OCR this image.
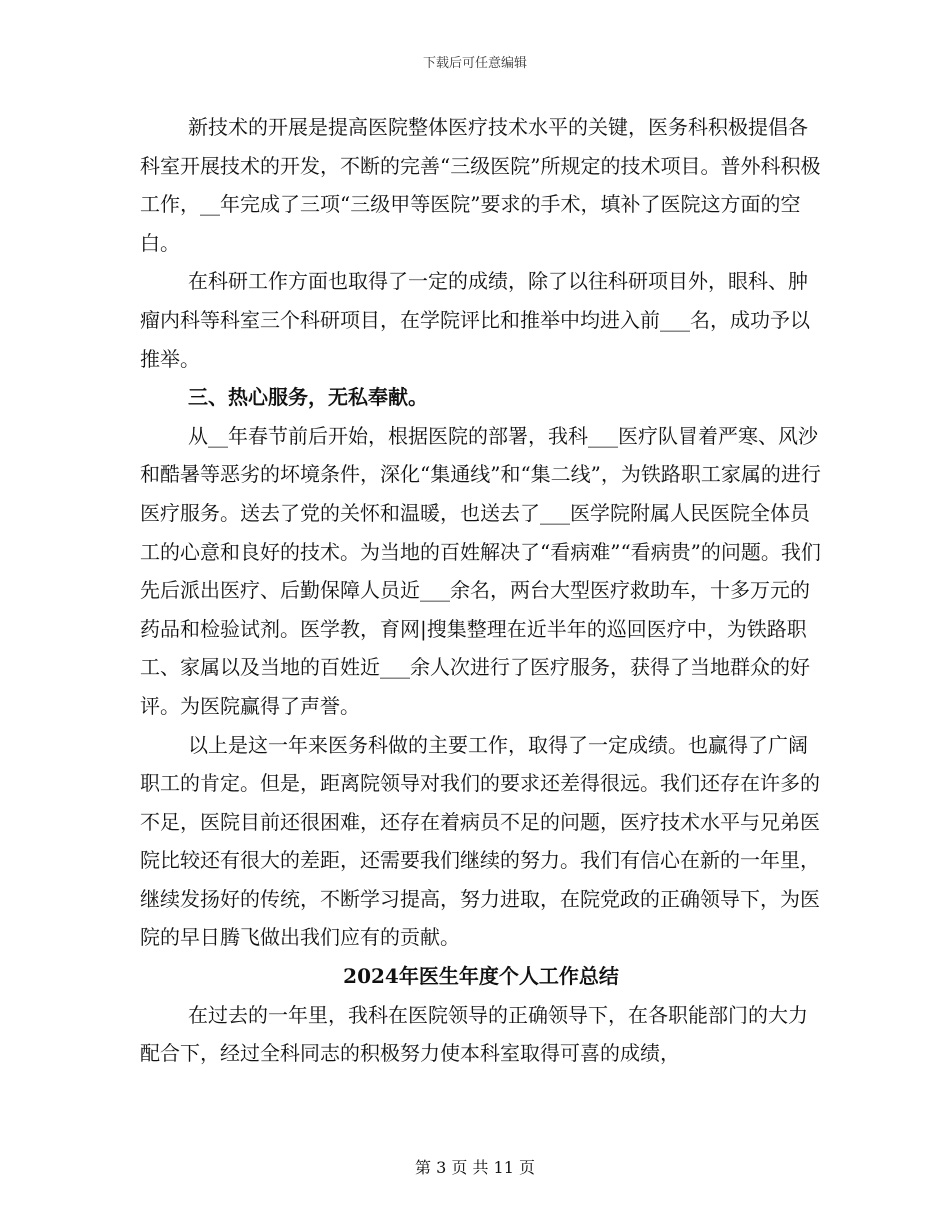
下载后可任意编辑

新技术的开展是提高医院整体医疗技术水平的关键，医务科积极提倡各科室开展技术的开发，不断的完善“三级医院”所规定的技术项目。普外科积极工作，__年完成了三项“三级甲等医院”要求的手术，填补了医院这方面的空白。

在科研工作方面也取得了一定的成绩，除了以往科研项目外，眼科、肿瘤内科等科室三个科研项目，在学院评比和推举中均进入前___名，成功予以推举。

三、热心服务，无私奉献。

从__年春节前后开始，根据医院的部署，我科___医疗队冒着严寒、风沙和酷暑等恶劣的坏境条件，深化“集通线”和“集二线”，为铁路职工家属的进行医疗服务。送去了党的关怀和温暖，也送去了___医学院附属人民医院全体员工的心意和良好的技术。为当地的百姓解决了“看病难”“看病贵”的问题。我们先后派出医疗、后勤保障人员近___余名，两台大型医疗救助车，十多万元的药品和检验试剂。医学教，育网|搜集整理在近半年的巡回医疗中，为铁路职工、家属以及当地的百姓近___余人次进行了医疗服务，获得了当地群众的好评。为医院赢得了声誉。

以上是这一年来医务科做的主要工作，取得了一定成绩。也赢得了广阔职工的肯定。但是，距离院领导对我们的要求还差得很远。我们还存在许多的不足，医院目前还很困难，还存在着病员不足的问题，医疗技术水平与兄弟医院比较还有很大的差距，还需要我们继续的努力。我们有信心在新的一年里，继续发扬好的传统，不断学习提高，努力进取，在院党政的正确领导下，为医院的早日腾飞做出我们应有的贡献。

2024年医生年度个人工作总结

在过去的一年里，我科在医院领导的正确领导下，在各职能部门的大力配合下，经过全科同志的积极努力使本科室取得可喜的成绩，

第 3 页 共 11 页
